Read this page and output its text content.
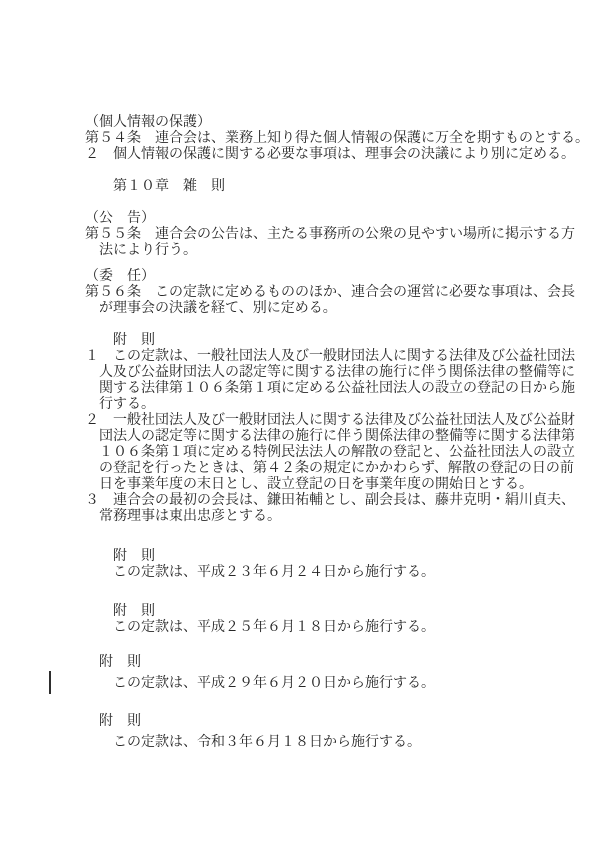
（個人情報の保護）
第５４条　連合会は、業務上知り得た個人情報の保護に万全を期すものとする。
２　個人情報の保護に関する必要な事項は、理事会の決議により別に定める。
　　第１０章　雑　則
（公　告）
第５５条　連合会の公告は、主たる事務所の公衆の見やすい場所に掲示する方
　法により行う。
（委　任）
第５６条　この定款に定めるもののほか、連合会の運営に必要な事項は、会長
　が理事会の決議を経て、別に定める。
　　附　則
１　この定款は、一般社団法人及び一般財団法人に関する法律及び公益社団法
　人及び公益財団法人の認定等に関する法律の施行に伴う関係法律の整備等に
　関する法律第１０６条第１項に定める公益社団法人の設立の登記の日から施
　行する。
２　一般社団法人及び一般財団法人に関する法律及び公益社団法人及び公益財
　団法人の認定等に関する法律の施行に伴う関係法律の整備等に関する法律第
　１０６条第１項に定める特例民法法人の解散の登記と、公益社団法人の設立
　の登記を行ったときは、第４２条の規定にかかわらず、解散の登記の日の前
　日を事業年度の末日とし、設立登記の日を事業年度の開始日とする。
３　連合会の最初の会長は、鎌田祐輔とし、副会長は、藤井克明・絹川貞夫、
　常務理事は東出忠彦とする。
　　附　則
　　この定款は、平成２３年６月２４日から施行する。
　　附　則
　　この定款は、平成２５年６月１８日から施行する。
　附　則
　　この定款は、平成２９年６月２０日から施行する。
　附　則
　　この定款は、令和３年６月１８日から施行する。
